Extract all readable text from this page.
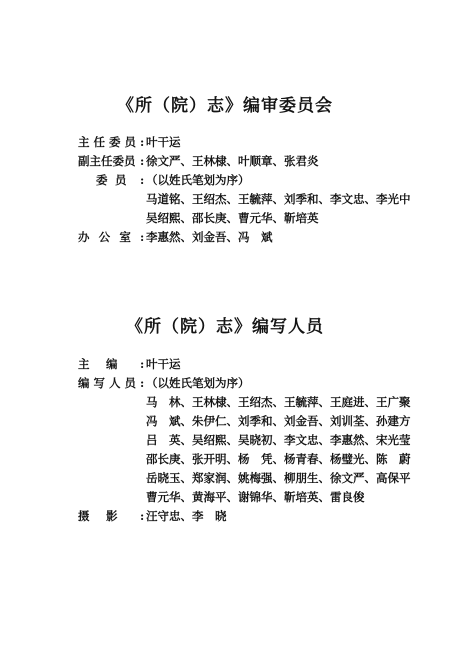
《所（院）志》编审委员会
主 任 委 员 : 叶干运
副主任委员 : 徐文严、王林棣、叶顺章、张君炎
委 员	: （以姓氏笔划为序）
马道铭、王绍杰、王毓萍、刘季和、李文忠、李光中
吴绍熙、邵长庚、曹元华、靳培英
办 公 室 : 李惠然、刘金吾、冯　斌
《所（院）志》编写人员
主 编	: 叶干运
编 写 人 员 : （以姓氏笔划为序）
马　林、王林棣、王绍杰、王毓萍、王庭进、王广聚
冯　斌、朱伊仁、刘季和、刘金吾、刘训荃、孙建方
吕　英、吴绍熙、吴晓初、李文忠、李惠然、宋光莹
邵长庚、张开明、杨　凭、杨青春、杨璧光、陈　蔚
岳晓玉、郑家润、姚梅强、柳朋生、徐文严、高保平
曹元华、黄海平、谢锦华、靳培英、雷良俊
摄 影	: 汪守忠、李　晓
